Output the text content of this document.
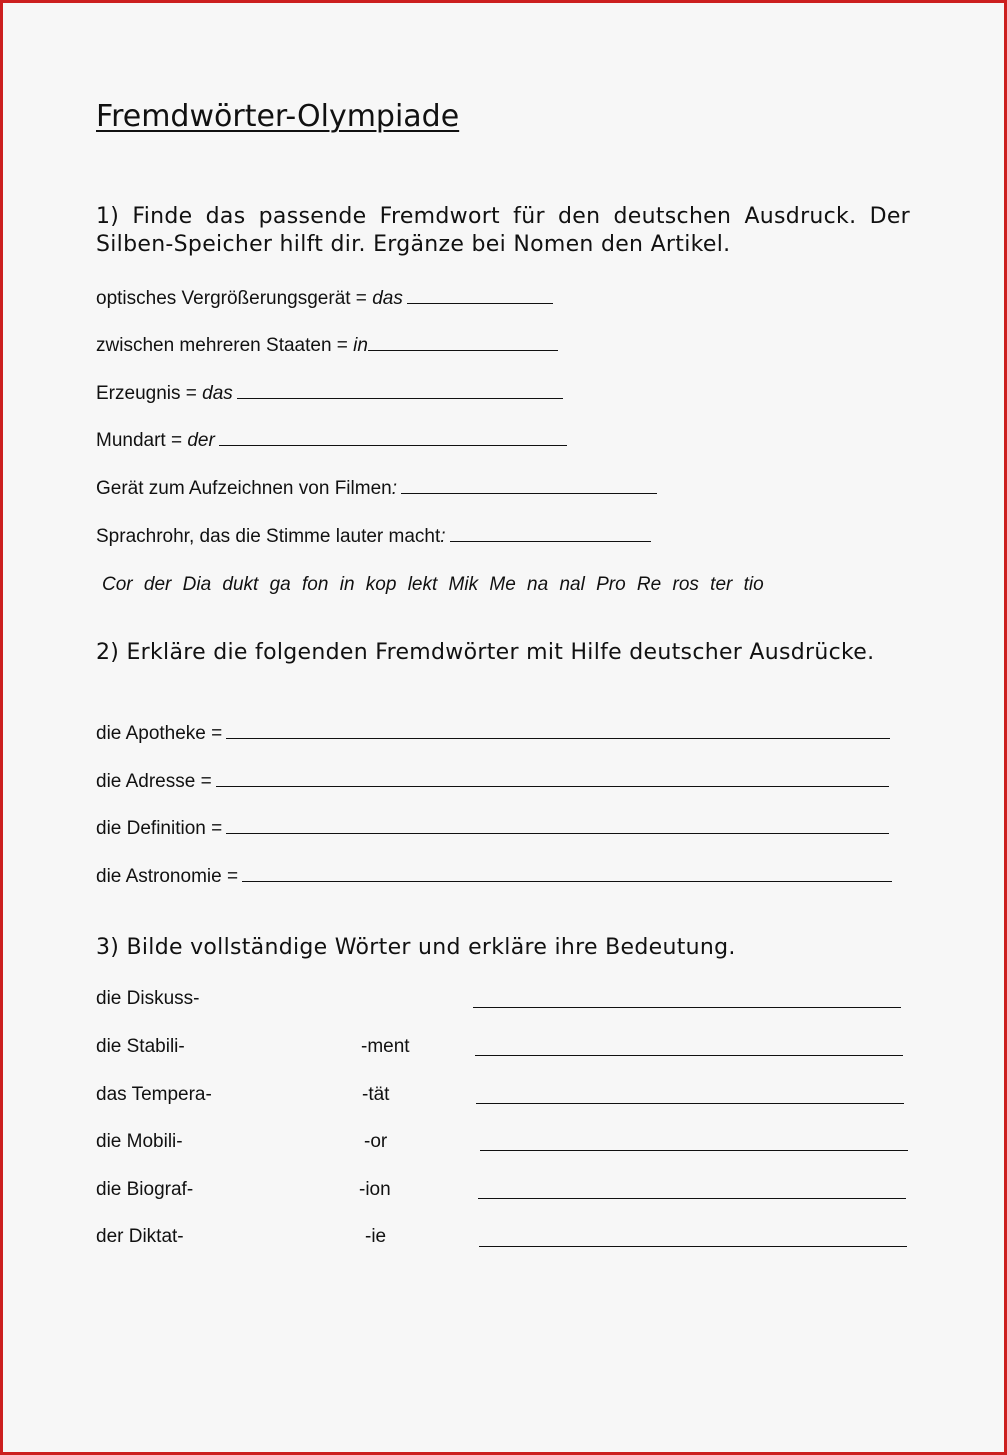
Fremdwörter-Olympiade
1) Finde das passende Fremdwort für den deutschen Ausdruck. Der Silben-Speicher hilft dir. Ergänze bei Nomen den Artikel.
optisches Vergrößerungsgerät = das
zwischen mehreren Staaten = in
Erzeugnis = das
Mundart = der
Gerät zum Aufzeichnen von Filmen:
Sprachrohr, das die Stimme lauter macht:
Cor der Dia dukt ga fon in kop lekt Mik Me na nal Pro Re ros ter tio
2) Erkläre die folgenden Fremdwörter mit Hilfe deutscher Ausdrücke.
die Apotheke =
die Adresse =
die Definition =
die Astronomie =
3) Bilde vollständige Wörter und erkläre ihre Bedeutung.
die Diskuss-
die Stabili-	-ment
das Tempera-	-tät
die Mobili-	-or
die Biograf-	-ion
der Diktat-	-ie
